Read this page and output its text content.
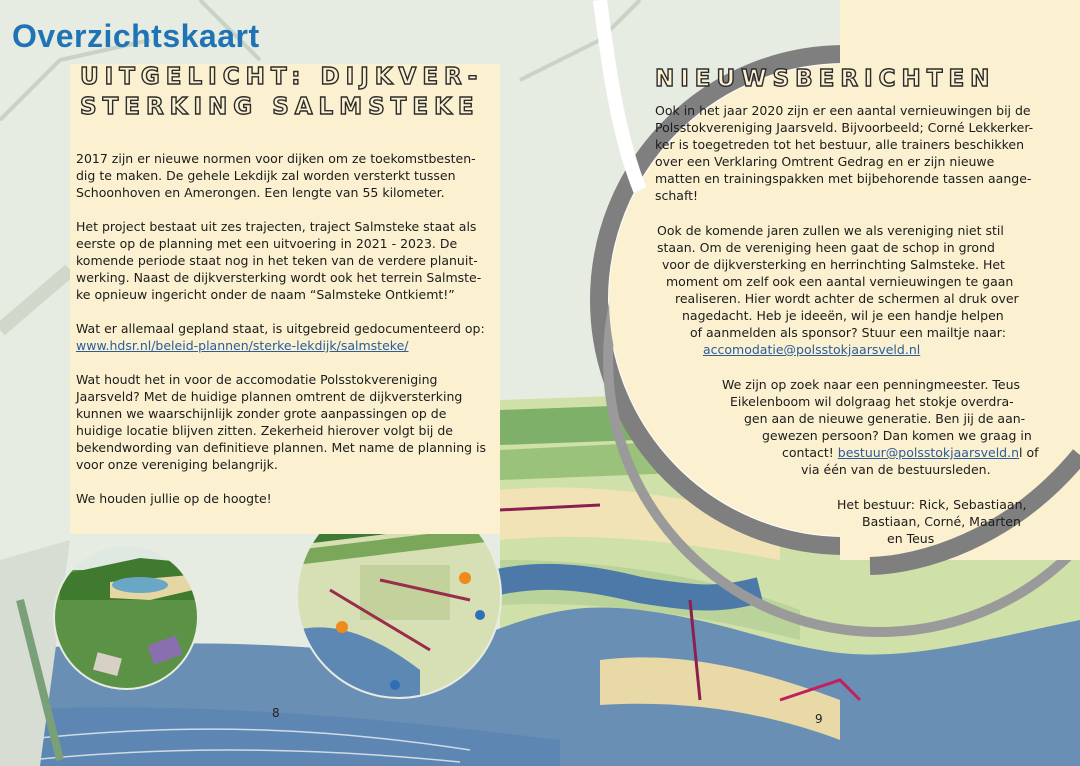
Overzichtskaart
UITGELICHT: DIJKVER-
STERKING SALMSTEKE

2017 zijn er nieuwe normen voor dijken om ze toekomstbesten-dig te maken. De gehele Lekdijk zal worden versterkt tussen Schoonhoven en Amerongen. Een lengte van 55 kilometer.

Het project bestaat uit zes trajecten, traject Salmsteke staat als eerste op de planning met een uitvoering in 2021 - 2023. De komende periode staat nog in het teken van de verdere planuit-werking. Naast de dijkversterking wordt ook het terrein Salmste-ke opnieuw ingericht onder de naam “Salmsteke Ontkiemt!”

Wat er allemaal gepland staat, is uitgebreid gedocumenteerd op:
www.hdsr.nl/beleid-plannen/sterke-lekdijk/salmsteke/

Wat houdt het in voor de accomodatie Polsstokvereniging Jaarsveld? Met de huidige plannen omtrent de dijkversterking kunnen we waarschijnlijk zonder grote aanpassingen op de huidige locatie blijven zitten. Zekerheid hierover volgt bij de bekendwording van definitieve plannen. Met name de planning is voor onze vereniging belangrijk.

We houden jullie op de hoogte!

NIEUWSBERICHTEN
Ook in het jaar 2020 zijn er een aantal vernieuwingen bij de
Polsstokvereniging Jaarsveld. Bijvoorbeeld; Corné Lekkerker-
ker is toegetreden tot het bestuur, alle trainers beschikken
over een Verklaring Omtrent Gedrag en er zijn nieuwe
matten en trainingspakken met bijbehorende tassen aange-
schaft!
Ook de komende jaren zullen we als vereniging niet stil
staan. Om de vereniging heen gaat de schop in grond
voor de dijkversterking en herrinchting Salmsteke. Het
moment om zelf ook een aantal vernieuwingen te gaan
realiseren. Hier wordt achter de schermen al druk over
nagedacht. Heb je ideeën, wil je een handje helpen
of aanmelden als sponsor? Stuur een mailtje naar:
accomodatie@polsstokjaarsveld.nl
We zijn op zoek naar een penningmeester. Teus
Eikelenboom wil dolgraag het stokje overdra-
gen aan de nieuwe generatie. Ben jij de aan-
gewezen persoon? Dan komen we graag in
contact! bestuur@polsstokjaarsveld.nl of
via één van de bestuursleden.
Het bestuur: Rick, Sebastiaan,
Bastiaan, Corné, Maarten
en Teus
8	9
